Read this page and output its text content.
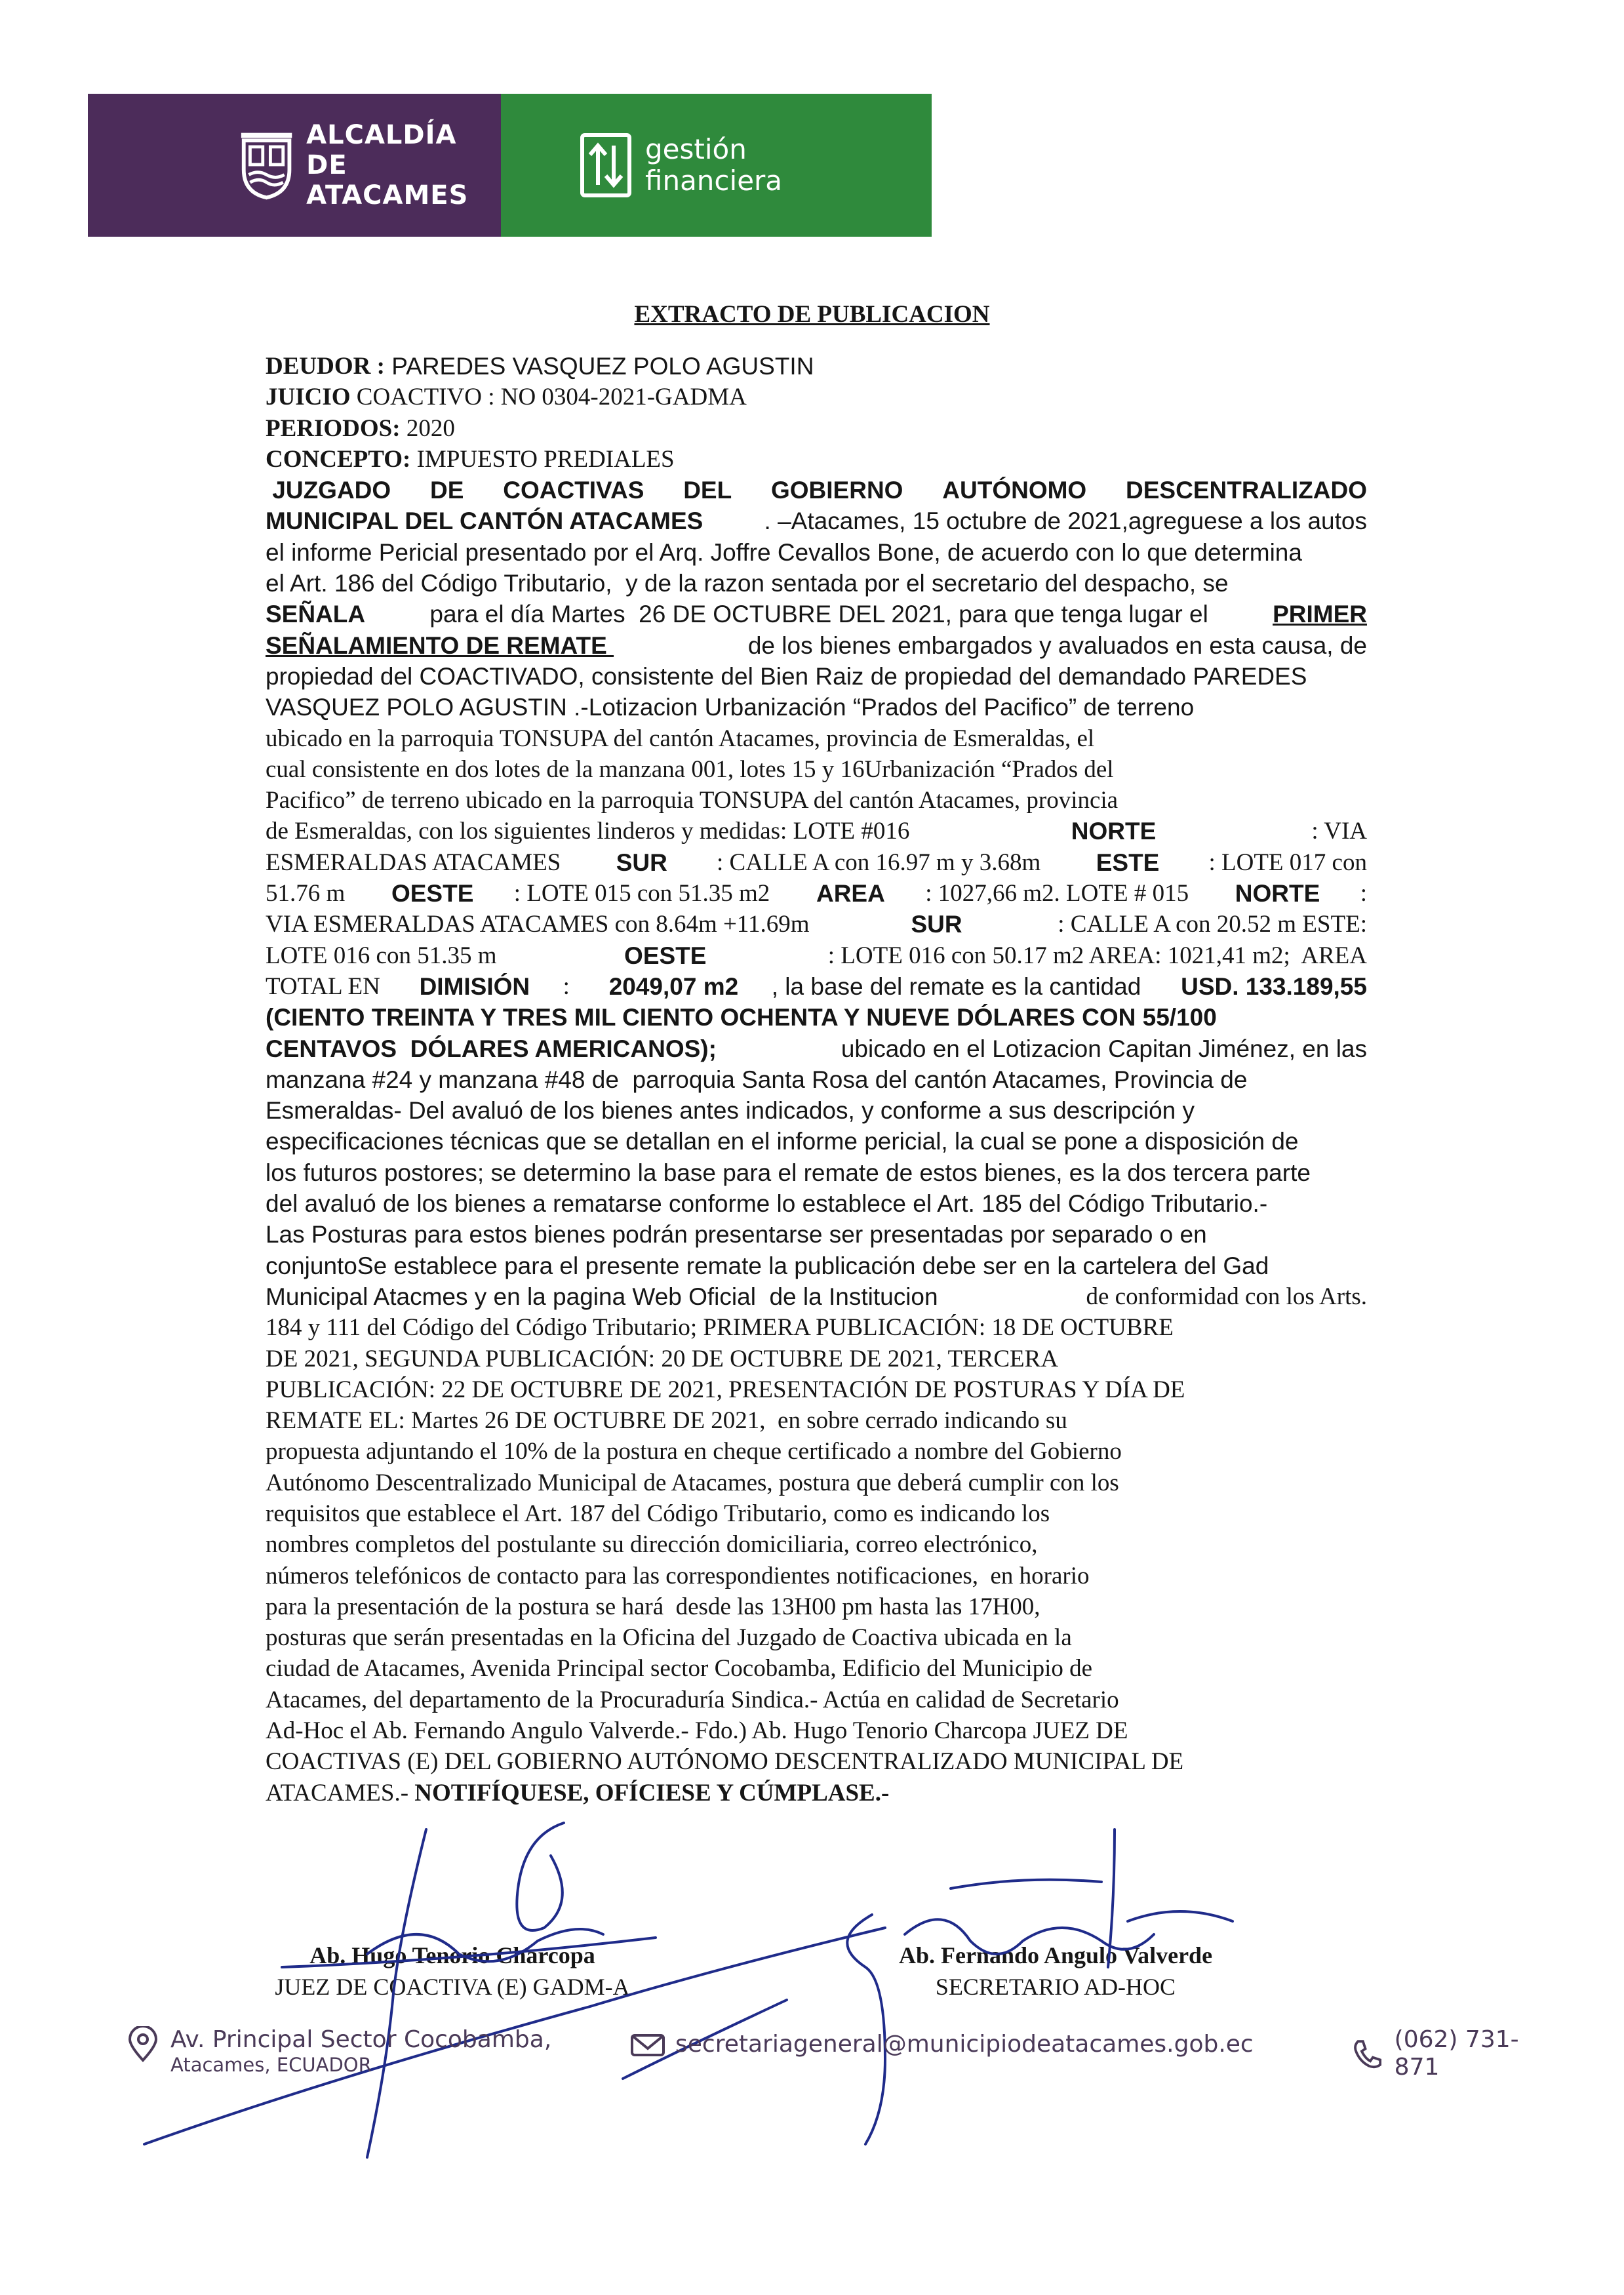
ALCALDÍA DE
ATACAMES
gestión
financiera
EXTRACTO DE PUBLICACION
DEUDOR : PAREDES VASQUEZ POLO AGUSTIN
JUICIO COACTIVO : NO 0304-2021-GADMA
PERIODOS: 2020
CONCEPTO: IMPUESTO PREDIALES
JUZGADO DE COACTIVAS DEL GOBIERNO AUTÓNOMO DESCENTRALIZADO
MUNICIPAL DEL CANTÓN ATACAMES	. –Atacames, 15 octubre de 2021,agreguese a los autos
el informe Pericial presentado por el Arq. Joffre Cevallos Bone, de acuerdo con lo que determina
el Art. 186 del Código Tributario,  y de la razon sentada por el secretario del despacho, se
SEÑALA para el día Martes  26 DE OCTUBRE DEL 2021, para que tenga lugar el PRIMER
SEÑALAMIENTO DE REMATE	de los bienes embargados y avaluados en esta causa, de
propiedad del COACTIVADO, consistente del Bien Raiz de propiedad del demandado PAREDES
VASQUEZ POLO AGUSTIN .-Lotizacion Urbanización “Prados del Pacifico” de terreno
ubicado en la parroquia TONSUPA del cantón Atacames, provincia de Esmeraldas, el
cual consistente en dos lotes de la manzana 001, lotes 15 y 16Urbanización “Prados del
Pacifico” de terreno ubicado en la parroquia TONSUPA del cantón Atacames, provincia
de Esmeraldas, con los siguientes linderos y medidas: LOTE #016	NORTE	: VIA
ESMERALDAS ATACAMES SUR : CALLE A con 16.97 m y 3.68m ESTE : LOTE 017 con
51.76 m OESTE : LOTE 015 con 51.35 m2 AREA : 1027,66 m2. LOTE # 015 NORTE :
VIA ESMERALDAS ATACAMES con 8.64m +11.69m	SUR	: CALLE A con 20.52 m ESTE:
LOTE 016 con 51.35 m	OESTE	: LOTE 016 con 50.17 m2 AREA: 1021,41 m2;  AREA
TOTAL EN DIMISIÓN : 2049,07 m2 , la base del remate es la cantidad USD. 133.189,55
(CIENTO TREINTA Y TRES MIL CIENTO OCHENTA Y NUEVE DÓLARES CON 55/100
CENTAVOS  DÓLARES AMERICANOS);	ubicado en el Lotizacion Capitan Jiménez, en las
manzana #24 y manzana #48 de  parroquia Santa Rosa del cantón Atacames, Provincia de
Esmeraldas- Del avaluó de los bienes antes indicados, y conforme a sus descripción y
especificaciones técnicas que se detallan en el informe pericial, la cual se pone a disposición de
los futuros postores; se determino la base para el remate de estos bienes, es la dos tercera parte
del avaluó de los bienes a rematarse conforme lo establece el Art. 185 del Código Tributario.-
Las Posturas para estos bienes podrán presentarse ser presentadas por separado o en
conjuntoSe establece para el presente remate la publicación debe ser en la cartelera del Gad
Municipal Atacmes y en la pagina Web Oficial  de la Institucion	de conformidad con los Arts.
184 y 111 del Código del Código Tributario; PRIMERA PUBLICACIÓN: 18 DE OCTUBRE
DE 2021, SEGUNDA PUBLICACIÓN: 20 DE OCTUBRE DE 2021, TERCERA
PUBLICACIÓN: 22 DE OCTUBRE DE 2021, PRESENTACIÓN DE POSTURAS Y DÍA DE
REMATE EL: Martes 26 DE OCTUBRE DE 2021,  en sobre cerrado indicando su
propuesta adjuntando el 10% de la postura en cheque certificado a nombre del Gobierno
Autónomo Descentralizado Municipal de Atacames, postura que deberá cumplir con los
requisitos que establece el Art. 187 del Código Tributario, como es indicando los
nombres completos del postulante su dirección domiciliaria, correo electrónico,
números telefónicos de contacto para las correspondientes notificaciones,  en horario
para la presentación de la postura se hará  desde las 13H00 pm hasta las 17H00,
posturas que serán presentadas en la Oficina del Juzgado de Coactiva ubicada en la
ciudad de Atacames, Avenida Principal sector Cocobamba, Edificio del Municipio de
Atacames, del departamento de la Procuraduría Sindica.- Actúa en calidad de Secretario
Ad-Hoc el Ab. Fernando Angulo Valverde.- Fdo.) Ab. Hugo Tenorio Charcopa JUEZ DE
COACTIVAS (E) DEL GOBIERNO AUTÓNOMO DESCENTRALIZADO MUNICIPAL DE
ATACAMES.- NOTIFÍQUESE, OFÍCIESE Y CÚMPLASE.-
Ab. Hugo Tenorio Charcopa
JUEZ DE COACTIVA (E) GADM-A
Ab. Fernando Angulo Valverde
SECRETARIO AD-HOC
Av. Principal Sector Cocobamba,
Atacames, ECUADOR
secretariageneral@municipiodeatacames.gob.ec	(062) 731-871
